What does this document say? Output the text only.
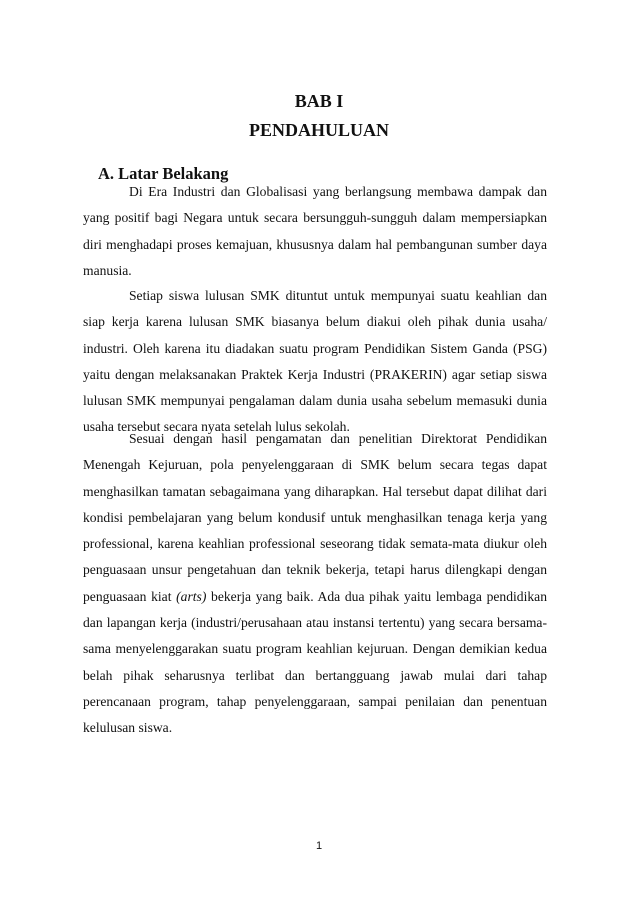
BAB I
PENDAHULUAN
A. Latar Belakang

Di Era Industri dan Globalisasi yang berlangsung membawa dampak dan yang positif bagi Negara untuk secara bersungguh-sungguh dalam mempersiapkan diri menghadapi proses kemajuan, khususnya dalam hal pembangunan sumber daya manusia.

Setiap siswa lulusan SMK dituntut untuk mempunyai suatu keahlian dan siap kerja karena lulusan SMK biasanya belum diakui oleh pihak dunia usaha/ industri. Oleh karena itu diadakan suatu program Pendidikan Sistem Ganda (PSG) yaitu dengan melaksanakan Praktek Kerja Industri (PRAKERIN) agar setiap siswa lulusan SMK mempunyai pengalaman dalam dunia usaha sebelum memasuki dunia usaha tersebut secara nyata setelah lulus sekolah.

Sesuai dengan hasil pengamatan dan penelitian Direktorat Pendidikan Menengah Kejuruan, pola penyelenggaraan di SMK belum secara tegas dapat menghasilkan tamatan sebagaimana yang diharapkan. Hal tersebut dapat dilihat dari kondisi pembelajaran yang belum kondusif untuk menghasilkan tenaga kerja yang professional, karena keahlian professional seseorang tidak semata-mata diukur oleh penguasaan unsur pengetahuan dan teknik bekerja, tetapi harus dilengkapi dengan penguasaan kiat (arts) bekerja yang baik. Ada dua pihak yaitu lembaga pendidikan dan lapangan kerja (industri/perusahaan atau instansi tertentu) yang secara bersama-sama menyelenggarakan suatu program keahlian kejuruan. Dengan demikian kedua belah pihak seharusnya terlibat dan bertangguang jawab mulai dari tahap perencanaan program, tahap penyelenggaraan, sampai penilaian dan penentuan kelulusan siswa.

1
